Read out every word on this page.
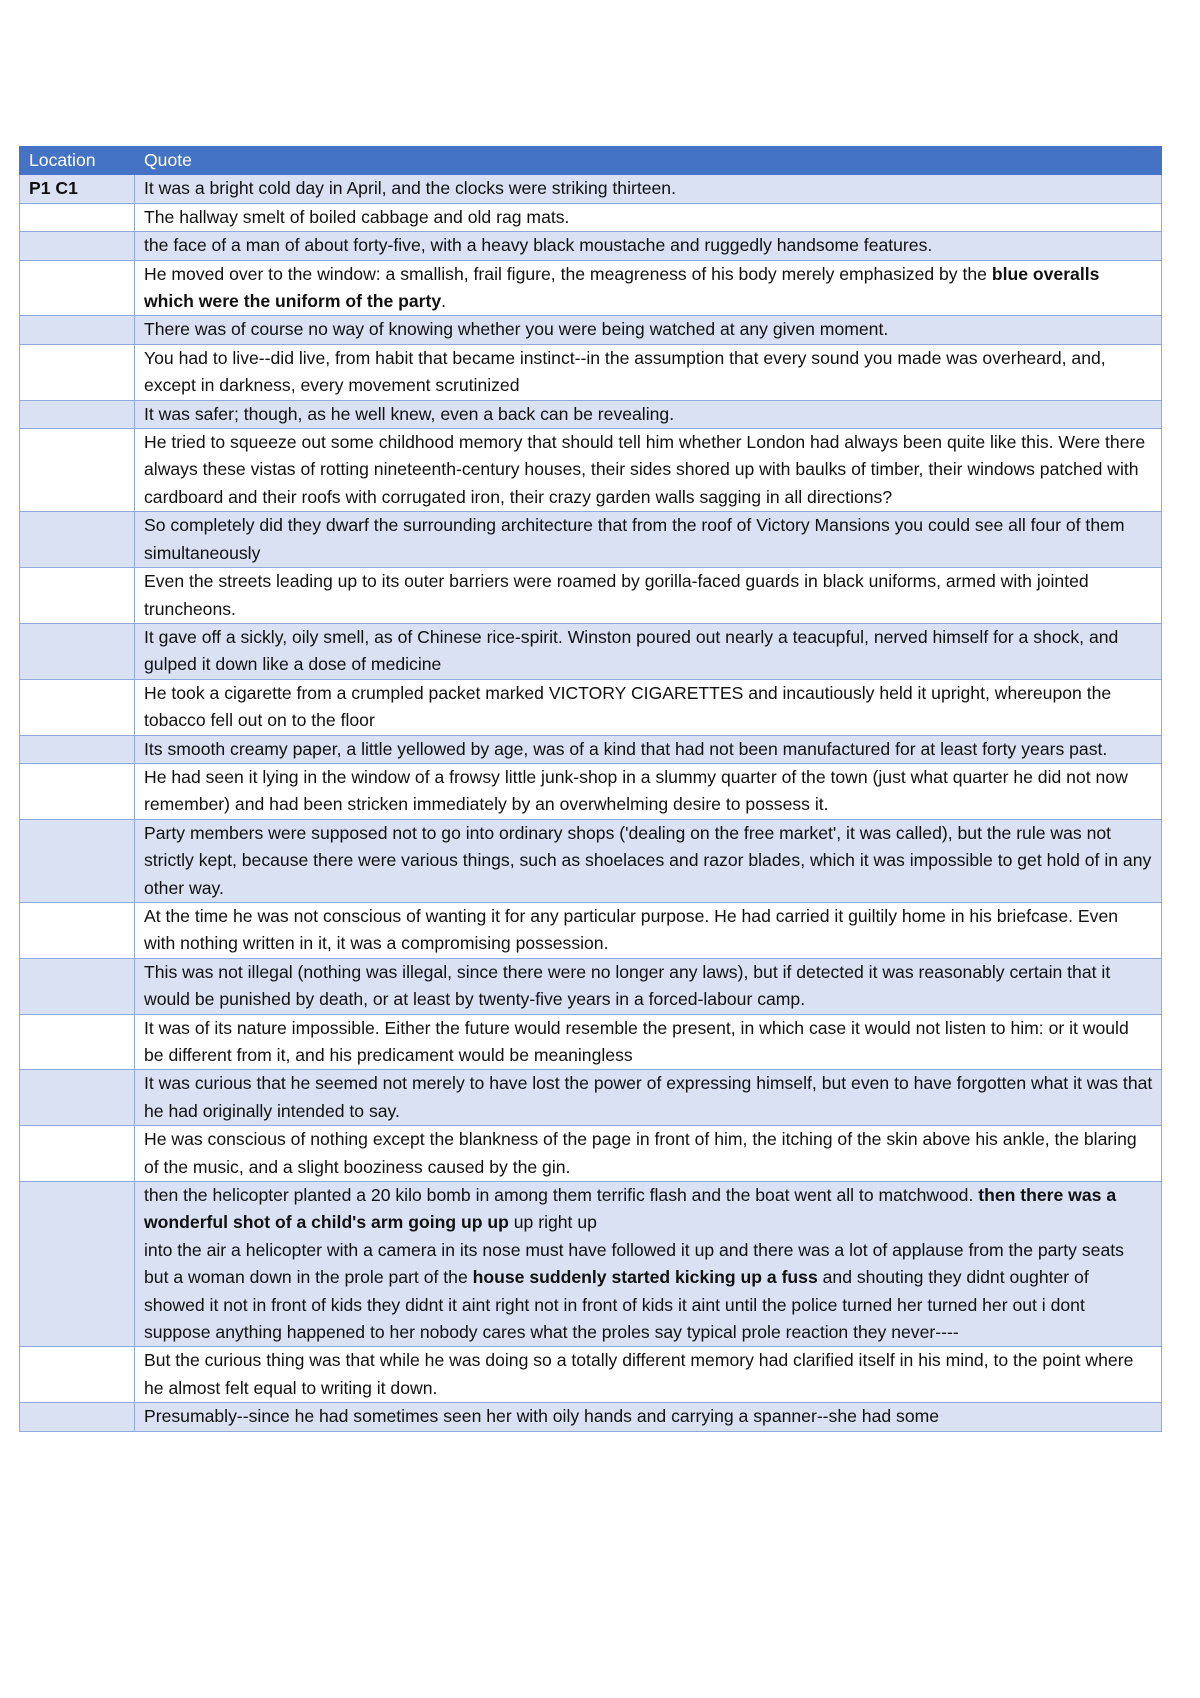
Location	Quote
P1 C1	It was a bright cold day in April, and the clocks were striking thirteen.
	The hallway smelt of boiled cabbage and old rag mats.
	the face of a man of about forty-five, with a heavy black moustache and ruggedly handsome features.
	He moved over to the window: a smallish, frail figure, the meagreness of his body merely emphasized by the blue overalls which were the uniform of the party.
	There was of course no way of knowing whether you were being watched at any given moment.
	You had to live--did live, from habit that became instinct--in the assumption that every sound you made was overheard, and, except in darkness, every movement scrutinized
	It was safer; though, as he well knew, even a back can be revealing.
	He tried to squeeze out some childhood memory that should tell him whether London had always been quite like this. Were there always these vistas of rotting nineteenth-century houses, their sides shored up with baulks of timber, their windows patched with cardboard and their roofs with corrugated iron, their crazy garden walls sagging in all directions?
	So completely did they dwarf the surrounding architecture that from the roof of Victory Mansions you could see all four of them simultaneously
	Even the streets leading up to its outer barriers were roamed by gorilla-faced guards in black uniforms, armed with jointed truncheons.
	It gave off a sickly, oily smell, as of Chinese rice-spirit. Winston poured out nearly a teacupful, nerved himself for a shock, and gulped it down like a dose of medicine
	He took a cigarette from a crumpled packet marked VICTORY CIGARETTES and incautiously held it upright, whereupon the tobacco fell out on to the floor
	Its smooth creamy paper, a little yellowed by age, was of a kind that had not been manufactured for at least forty years past.
	He had seen it lying in the window of a frowsy little junk-shop in a slummy quarter of the town (just what quarter he did not now remember) and had been stricken immediately by an overwhelming desire to possess it.
	Party members were supposed not to go into ordinary shops ('dealing on the free market', it was called), but the rule was not strictly kept, because there were various things, such as shoelaces and razor blades, which it was impossible to get hold of in any other way.
	At the time he was not conscious of wanting it for any particular purpose. He had carried it guiltily home in his briefcase. Even with nothing written in it, it was a compromising possession.
	This was not illegal (nothing was illegal, since there were no longer any laws), but if detected it was reasonably certain that it would be punished by death, or at least by twenty-five years in a forced-labour camp.
	It was of its nature impossible. Either the future would resemble the present, in which case it would not listen to him: or it would be different from it, and his predicament would be meaningless
	It was curious that he seemed not merely to have lost the power of expressing himself, but even to have forgotten what it was that he had originally intended to say.
	He was conscious of nothing except the blankness of the page in front of him, the itching of the skin above his ankle, the blaring of the music, and a slight booziness caused by the gin.
	then the helicopter planted a 20 kilo bomb in among them terrific flash and the boat went all to matchwood. then there was a wonderful shot of a child's arm going up up up right up
into the air a helicopter with a camera in its nose must have followed it up and there was a lot of applause from the party seats but a woman down in the prole part of the house suddenly started kicking up a fuss and shouting they didnt oughter of showed it not in front of kids they didnt it aint right not in front of kids it aint until the police turned her turned her out i dont suppose anything happened to her nobody cares what the proles say typical prole reaction they never----
	But the curious thing was that while he was doing so a totally different memory had clarified itself in his mind, to the point where he almost felt equal to writing it down.
	Presumably--since he had sometimes seen her with oily hands and carrying a spanner--she had some
